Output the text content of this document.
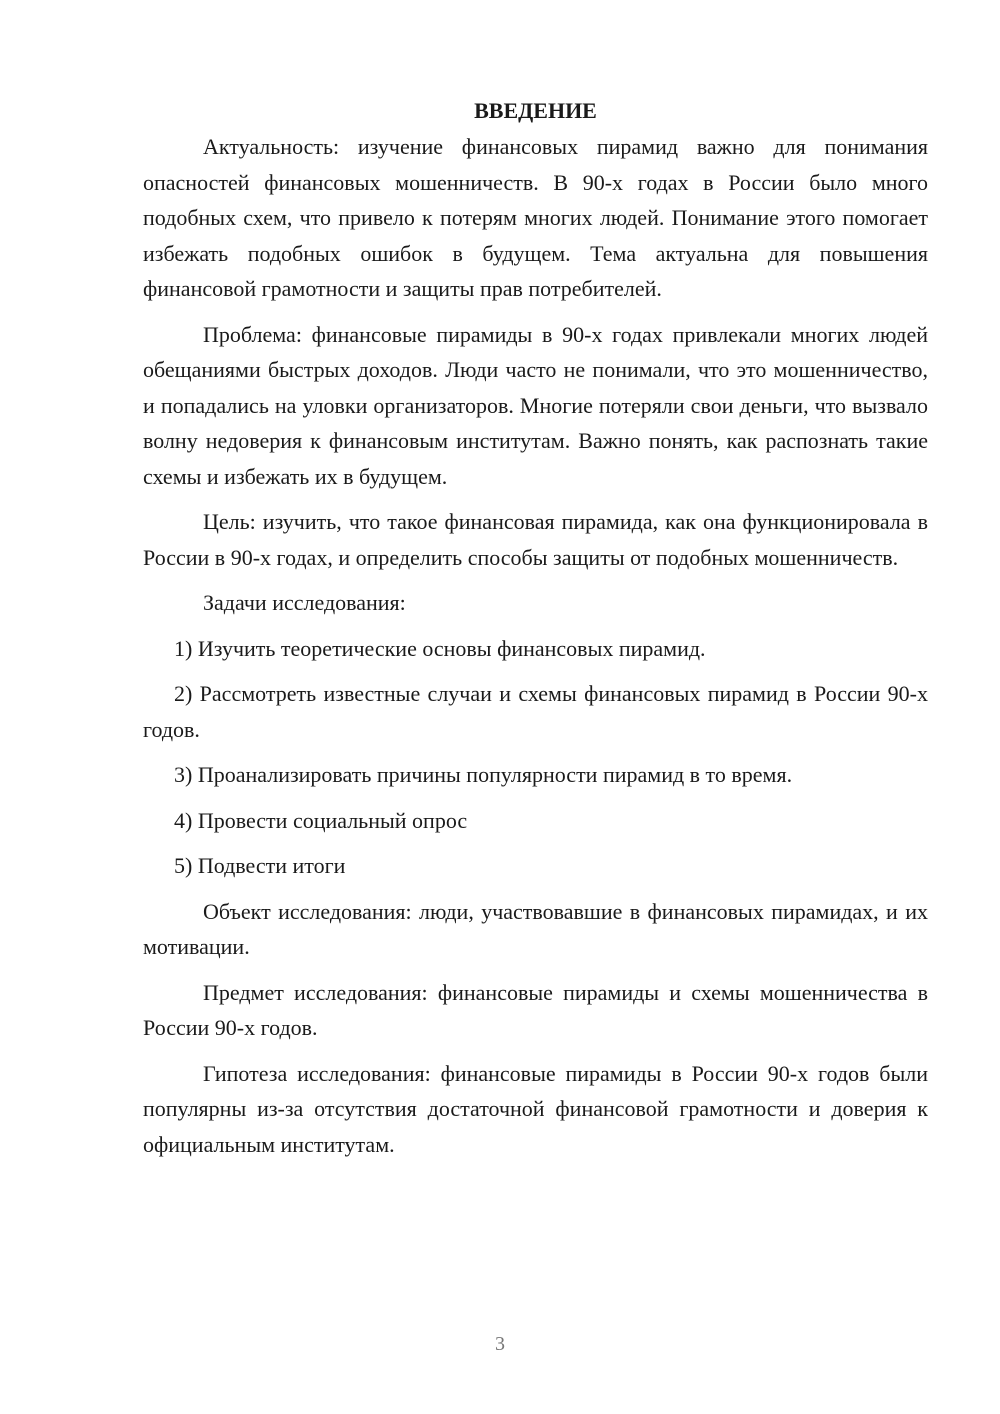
ВВЕДЕНИЕ

Актуальность: изучение финансовых пирамид важно для понимания опасностей финансовых мошенничеств. В 90-х годах в России было много подобных схем, что привело к потерям многих людей. Понимание этого помогает избежать подобных ошибок в будущем. Тема актуальна для повышения финансовой грамотности и защиты прав потребителей.

Проблема: финансовые пирамиды в 90-х годах привлекали многих людей обещаниями быстрых доходов. Люди часто не понимали, что это мошенничество, и попадались на уловки организаторов. Многие потеряли свои деньги, что вызвало волну недоверия к финансовым институтам. Важно понять, как распознать такие схемы и избежать их в будущем.

Цель: изучить, что такое финансовая пирамида, как она функционировала в России в 90-х годах, и определить способы защиты от подобных мошенничеств.

Задачи исследования:

1) Изучить теоретические основы финансовых пирамид.

2) Рассмотреть известные случаи и схемы финансовых пирамид в России 90-х годов.

3) Проанализировать причины популярности пирамид в то время.

4) Провести социальный опрос

5) Подвести итоги

Объект исследования: люди, участвовавшие в финансовых пирамидах, и их мотивации.

Предмет исследования: финансовые пирамиды и схемы мошенничества в России 90-х годов.

Гипотеза исследования: финансовые пирамиды в России 90-х годов были популярны из-за отсутствия достаточной финансовой грамотности и доверия к официальным институтам.

3
